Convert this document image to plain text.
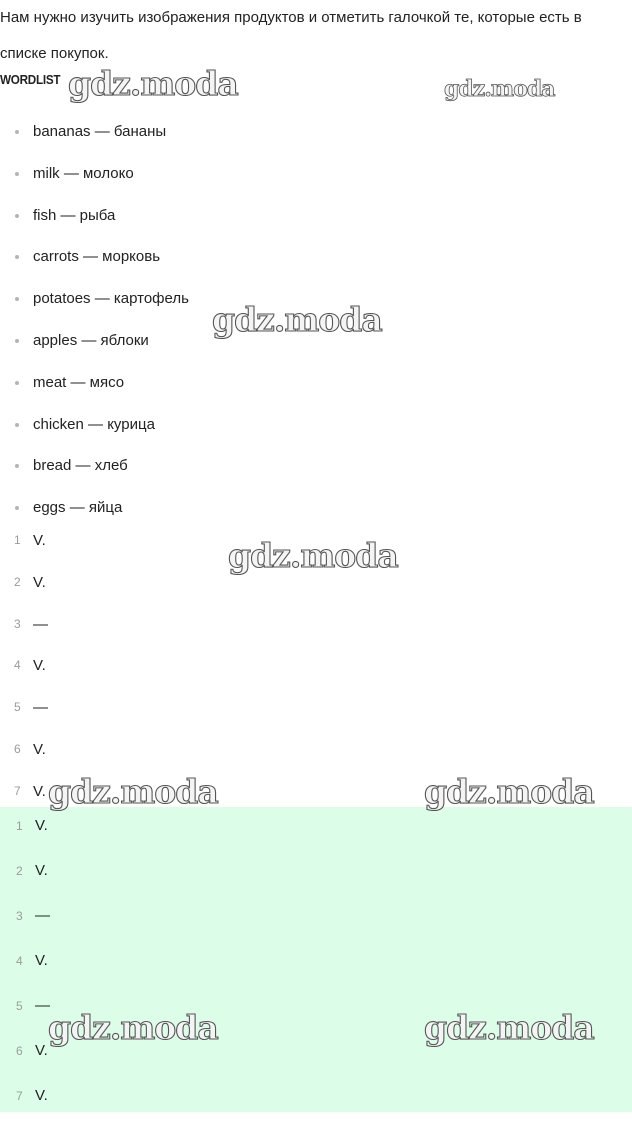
Нам нужно изучить изображения продуктов и отметить галочкой те, которые есть в списке покупок.

WORDLIST
bananas — бананы
milk — молоко
fish — рыба
carrots — морковь
potatoes — картофель
apples — яблоки
meat — мясо
chicken — курица
bread — хлеб
eggs — яйца
1 V.
2 V.
3 —
4 V.
5 —
6 V.
7 V.
1 V.
2 V.
3 —
4 V.
5 —
6 V.
7 V.
gdz.moda	gdz.moda
gdz.moda
gdz.moda
gdz.moda	gdz.moda
gdz.moda	gdz.moda
